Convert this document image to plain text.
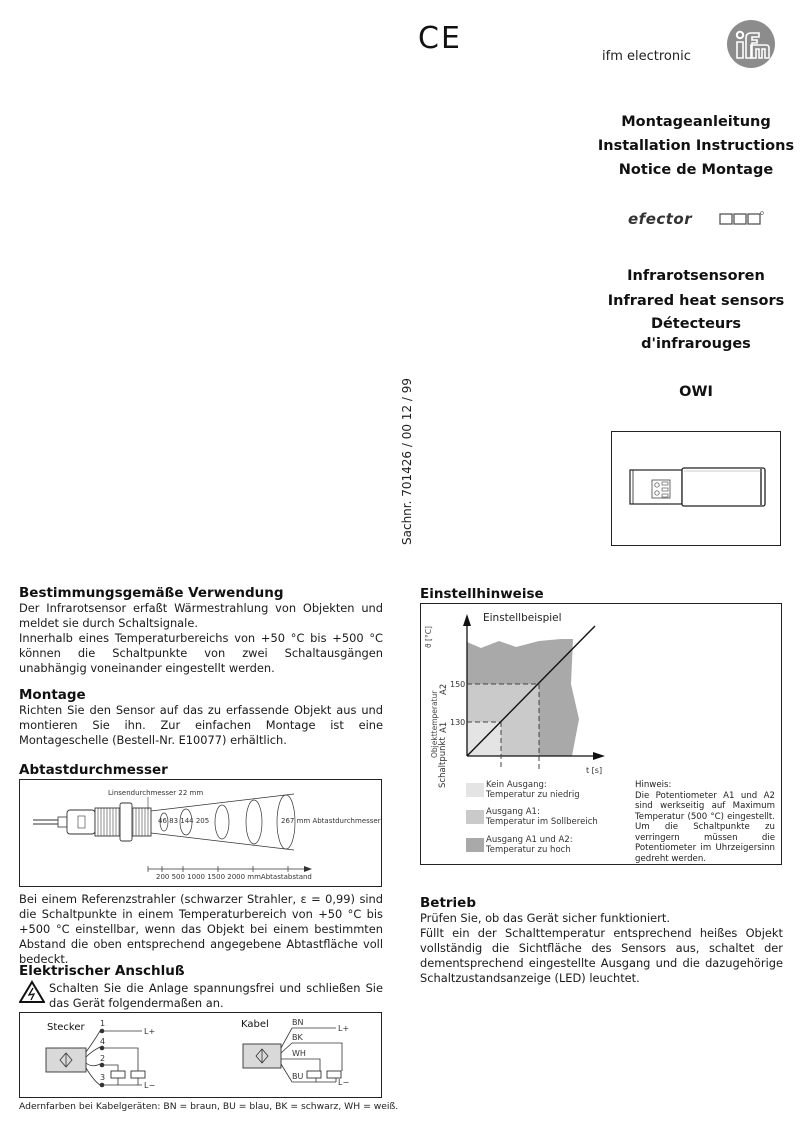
CE
ifm electronic
Montageanleitung
Installation Instructions
Notice de Montage
efector
Infrarotsensoren
Infrared heat sensors
Détecteurs
d'infrarouges
OWI
Sachnr. 701426 / 00 12 / 99
Bestimmungsgemäße Verwendung

Der Infrarotsensor erfaßt Wärmestrahlung von Objekten und meldet sie durch Schaltsignale.

Innerhalb eines Temperaturbereichs von +50 °C bis +500 °C können die Schaltpunkte von zwei Schaltausgängen unabhängig voneinander eingestellt werden.

Montage

Richten Sie den Sensor auf das zu erfassende Objekt aus und montieren Sie ihn. Zur einfachen Montage ist eine Montageschelle (Bestell-Nr. E10077) erhältlich.

Abtastdurchmesser
Linsendurchmesser 22 mm
46 83 144 205	267 mm Abtastdurchmesser
200 500 1000 1500 2000 mmAbtastabstand

Bei einem Referenzstrahler (schwarzer Strahler, ε = 0,99) sind die Schaltpunkte in einem Temperaturbereich von +50 °C bis +500 °C einstellbar, wenn das Objekt bei einem bestimmten Abstand die oben entsprechend angegebene Abtastfläche voll bedeckt.

Elektrischer Anschluß

Schalten Sie die Anlage spannungsfrei und schließen Sie das Gerät folgendermaßen an.

Stecker	Kabel
1
4
2
3
L+
L−
BN
BK
WH
BU
L+
L−

Adernfarben bei Kabelgeräten: BN = braun, BU = blau, BK = schwarz, WH = weiß.

Einstellhinweise
Einstellbeispiel
150
130
t [s]
ϑ [°C]
Objekttemperatur
Schaltpunkt
A2
A1
Kein Ausgang:
Temperatur zu niedrig
Ausgang A1:
Temperatur im Sollbereich
Ausgang A1 und A2:
Temperatur zu hoch
Hinweis:
Die Potentiometer A1 und A2 sind werkseitig auf Maximum Temperatur (500 °C) eingestellt. Um die Schaltpunkte zu verringern müssen die Potentiometer im Uhrzeigersinn gedreht werden.
Betrieb

Prüfen Sie, ob das Gerät sicher funktioniert.

Füllt ein der Schalttemperatur entsprechend heißes Objekt vollständig die Sichtfläche des Sensors aus, schaltet der dementsprechend eingestellte Ausgang und die dazugehörige Schaltzustandsanzeige (LED) leuchtet.
